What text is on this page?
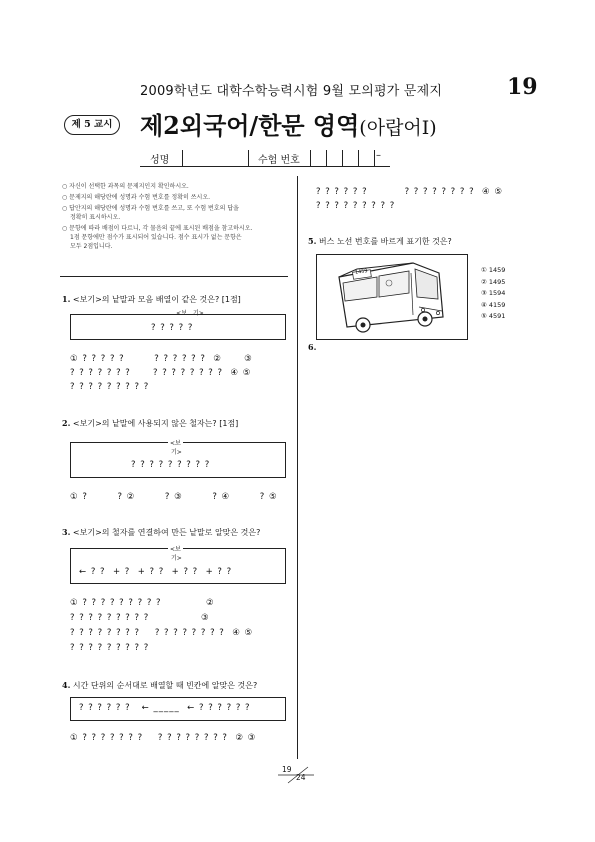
2009학년도 대학수학능력시험 9월 모의평가 문제지	19
제 5 교시	제2외국어/한문 영역(아랍어Ⅰ)
성명	수험 번호	–
○ 자신이 선택한 과목의 문제지인지 확인하시오.
○ 문제지의 해당란에 성명과 수험 번호를 정확히 쓰시오.
○ 답안지의 해당란에 성명과 수험 번호를 쓰고, 또 수험 번호의 답을
정확히 표시하시오.
○ 문항에 따라 배점이 다르니, 각 물음의 끝에 표시된 배점을 참고하시오.
1점 문항에만 점수가 표시되어 있습니다. 점수 표시가 없는 문항은
모두 2점입니다.
1. <보기>의 낱말과 모음 배열이 같은 것은? [1점]
<보　기>
? ? ? ? ?
① ? ? ? ? ?        ? ? ? ? ? ?  ②      ③
? ? ? ? ? ? ?      ? ? ? ? ? ? ? ?  ④ ⑤
? ? ? ? ? ? ? ? ?
2. <보기>의 낱말에 사용되지 않은 철자는? [1점]
<보
기>
? ? ? ? ? ? ? ? ?
① ?        ? ②        ? ③        ? ④        ? ⑤
3. <보기>의 철자를 연결하여 만든 낱말로 알맞은 것은?
<보
기>
← ? ?  + ?  + ? ?  + ? ?  + ? ?
① ? ? ? ? ? ? ? ? ?            ②
? ? ? ? ? ? ? ? ?              ③
? ? ? ? ? ? ? ?    ? ? ? ? ? ? ? ?  ④ ⑤
? ? ? ? ? ? ? ? ?
4. 시간 단위의 순서대로 배열할 때 빈칸에 알맞은 것은?
? ? ? ? ? ?   ← _____  ← ? ? ? ? ? ?
① ? ? ? ? ? ? ?    ? ? ? ? ? ? ? ?  ② ③
? ? ? ? ? ?          ? ? ? ? ? ? ? ?  ④ ⑤
? ? ? ? ? ? ? ? ?
5. 버스 노선 번호를 바르게 표기한 것은?
1459	① 1459
② 1495
③ 1594
④ 4159
⑤ 4591
6.
19
24
